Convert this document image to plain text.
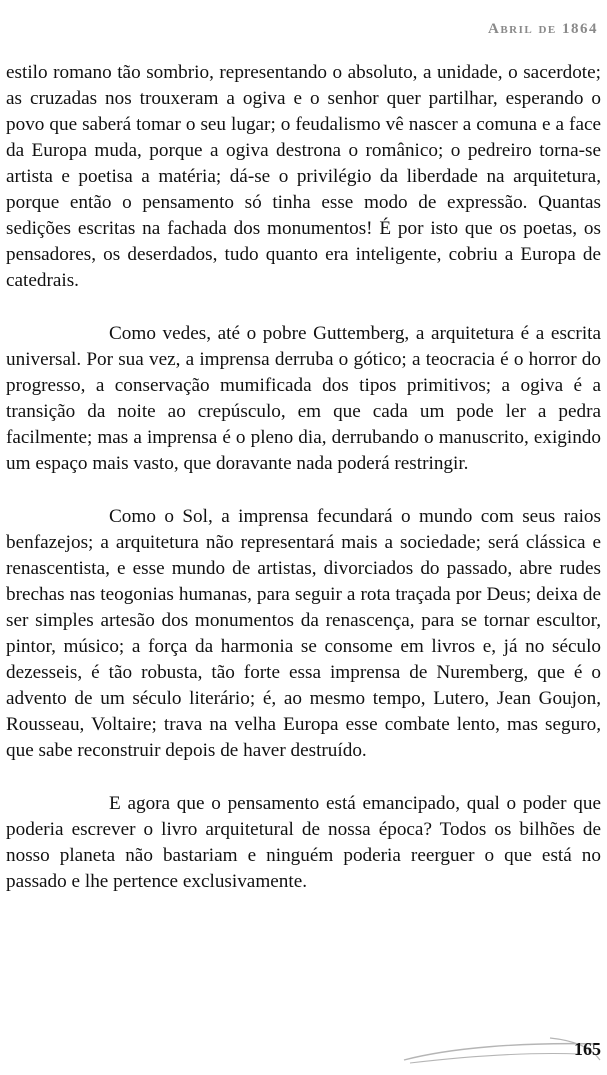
Abril de 1864

estilo romano tão sombrio, representando o absoluto, a unidade, o sacerdote; as cruzadas nos trouxeram a ogiva e o senhor quer partilhar, esperando o povo que saberá tomar o seu lugar; o feudalismo vê nascer a comuna e a face da Europa muda, porque a ogiva destrona o românico; o pedreiro torna-se artista e poetisa a matéria; dá-se o privilégio da liberdade na arquitetura, porque então o pensamento só tinha esse modo de expressão. Quantas sedições escritas na fachada dos monumentos! É por isto que os poetas, os pensadores, os deserdados, tudo quanto era inteligente, cobriu a Europa de catedrais.

Como vedes, até o pobre Guttemberg, a arquitetura é a escrita universal. Por sua vez, a imprensa derruba o gótico; a teocracia é o horror do progresso, a conservação mumificada dos tipos primitivos; a ogiva é a transição da noite ao crepúsculo, em que cada um pode ler a pedra facilmente; mas a imprensa é o pleno dia, derrubando o manuscrito, exigindo um espaço mais vasto, que doravante nada poderá restringir.

Como o Sol, a imprensa fecundará o mundo com seus raios benfazejos; a arquitetura não representará mais a sociedade; será clássica e renascentista, e esse mundo de artistas, divorciados do passado, abre rudes brechas nas teogonias humanas, para seguir a rota traçada por Deus; deixa de ser simples artesão dos monumentos da renascença, para se tornar escultor, pintor, músico; a força da harmonia se consome em livros e, já no século dezesseis, é tão robusta, tão forte essa imprensa de Nuremberg, que é o advento de um século literário; é, ao mesmo tempo, Lutero, Jean Goujon, Rousseau, Voltaire; trava na velha Europa esse combate lento, mas seguro, que sabe reconstruir depois de haver destruído.

E agora que o pensamento está emancipado, qual o poder que poderia escrever o livro arquitetural de nossa época? Todos os bilhões de nosso planeta não bastariam e ninguém poderia reerguer o que está no passado e lhe pertence exclusivamente.

165
